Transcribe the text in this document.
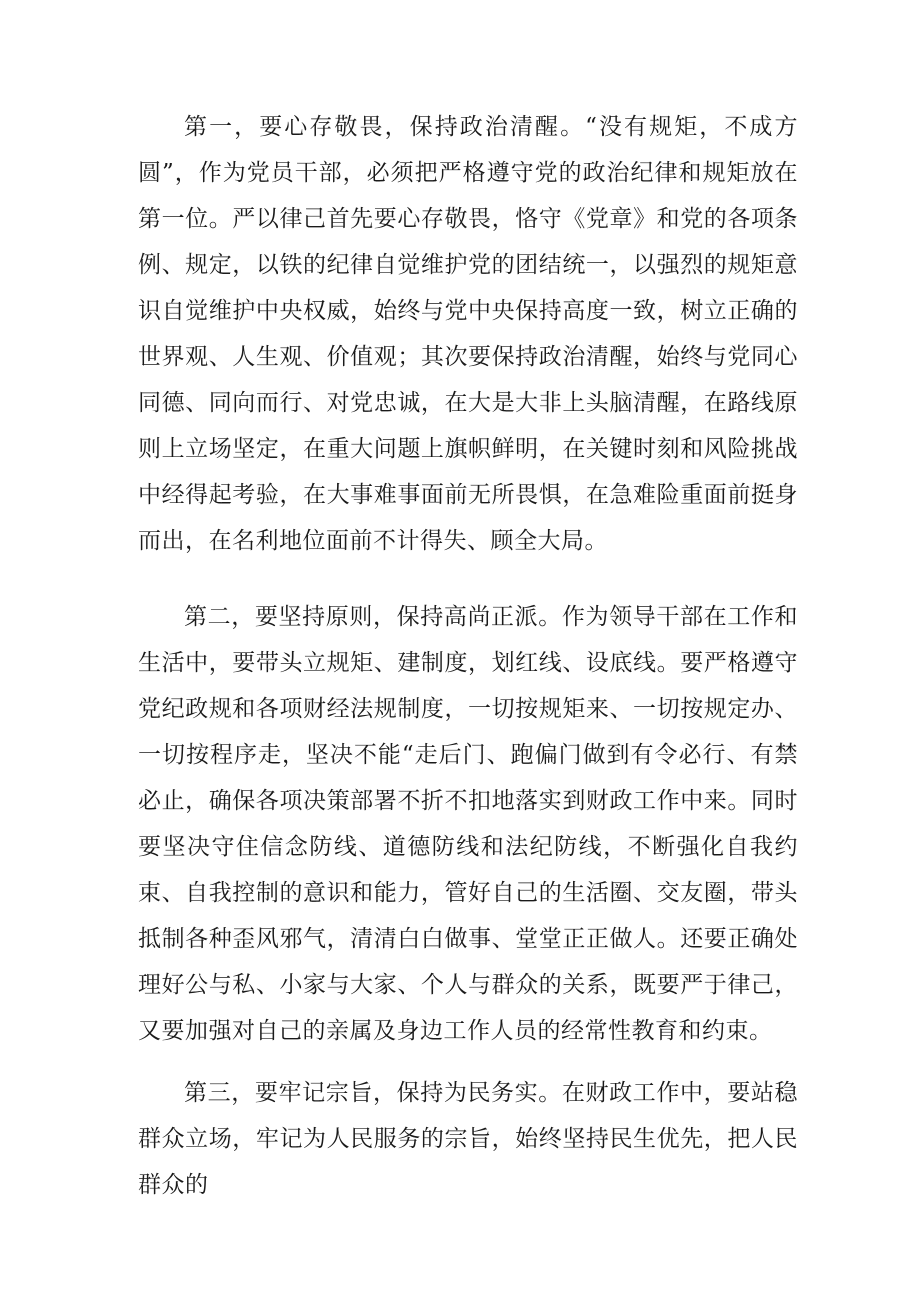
第一，要心存敬畏，保持政治清醒。“没有规矩，不成方圆”，作为党员干部，必须把严格遵守党的政治纪律和规矩放在第一位。严以律己首先要心存敬畏，恪守《党章》和党的各项条例、规定，以铁的纪律自觉维护党的团结统一，以强烈的规矩意识自觉维护中央权威，始终与党中央保持高度一致，树立正确的世界观、人生观、价值观；其次要保持政治清醒，始终与党同心同德、同向而行、对党忠诚，在大是大非上头脑清醒，在路线原则上立场坚定，在重大问题上旗帜鲜明，在关键时刻和风险挑战中经得起考验，在大事难事面前无所畏惧，在急难险重面前挺身而出，在名利地位面前不计得失、顾全大局。

第二，要坚持原则，保持高尚正派。作为领导干部在工作和生活中，要带头立规矩、建制度，划红线、设底线。要严格遵守党纪政规和各项财经法规制度，一切按规矩来、一切按规定办、一切按程序走，坚决不能“走后门、跑偏门做到有令必行、有禁必止，确保各项决策部署不折不扣地落实到财政工作中来。同时要坚决守住信念防线、道德防线和法纪防线，不断强化自我约束、自我控制的意识和能力，管好自己的生活圈、交友圈，带头抵制各种歪风邪气，清清白白做事、堂堂正正做人。还要正确处理好公与私、小家与大家、个人与群众的关系，既要严于律己，又要加强对自己的亲属及身边工作人员的经常性教育和约束。

第三，要牢记宗旨，保持为民务实。在财政工作中，要站稳群众立场，牢记为人民服务的宗旨，始终坚持民生优先，把人民群众的
